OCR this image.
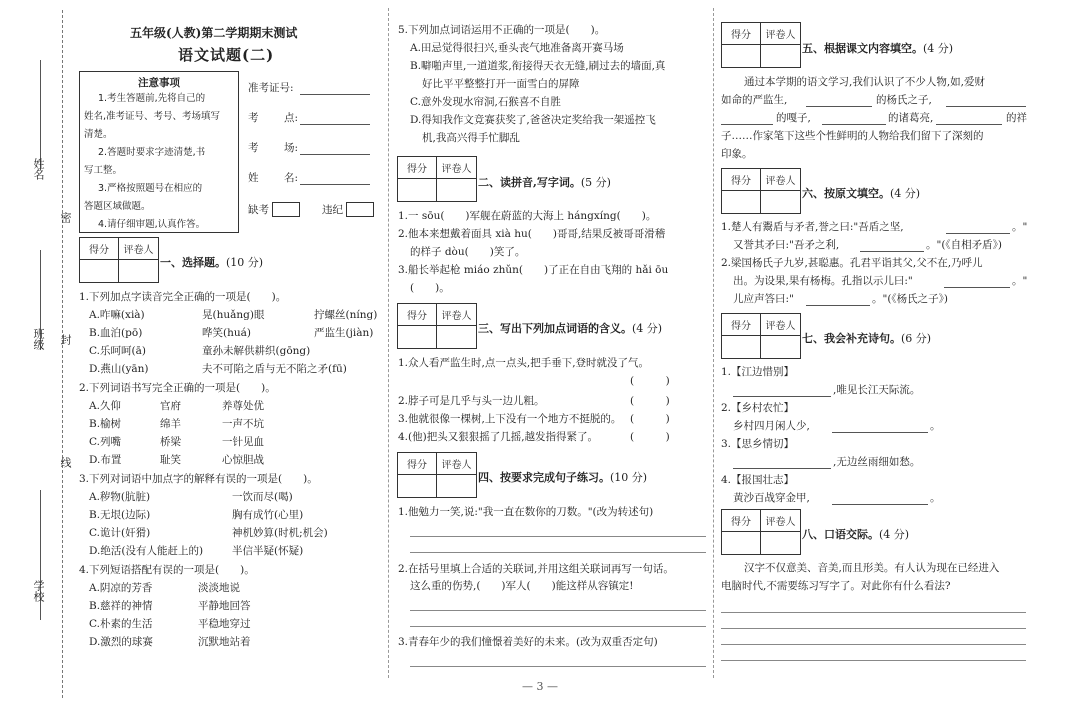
姓名
密
班级 封
线
学校
五年级(人教)第二学期期末测试
语文试题(二)
注意事项
1.考生答题前,先将自己的
姓名,准考证号、考号、考场填写
清楚。
2.答题时要求字迹清楚,书
写工整。
3.严格按照题号在相应的
答题区域做题。
4.请仔细审题,认真作答。
准考证号:
考 点:
考 场:
姓 名:
缺考	违纪
得分	评卷人
一、选择题。(10 分)
1.下列加点字读音完全正确的一项是(　　)。
A.咋嘛(xià)	晃(huǎng)眼	拧螺丝(níng)
B.血泊(pō)	哗笑(huá)	严监生(jiàn)
C.乐呵呵(ā)	童孙未解供耕织(gōng)
D.燕山(yān)	夫不可陷之盾与无不陷之矛(fū)
2.下列词语书写完全正确的一项是(　　)。
A.久仰	官府	养尊处优
B.榆树	绵羊	一声不坑
C.列嘴	桥梁	一针见血
D.布置	耻笑	心惊胆战
3.下列对词语中加点字的解释有误的一项是(　　)。
A.秽物(肮脏)	一饮而尽(喝)
B.无垠(边际)	胸有成竹(心里)
C.诡计(奸猾)	神机妙算(时机;机会)
D.绝活(没有人能赶上的)	半信半疑(怀疑)
4.下列短语搭配有误的一项是(　　)。
A.阴凉的芳香	淡淡地说
B.慈祥的神情	平静地回答
C.朴素的生活	平稳地穿过
D.激烈的球赛	沉默地站着
5.下列加点词语运用不正确的一项是(　　)。
A.田忌觉得很扫兴,垂头丧气地准备离开赛马场
B.噼啪声里,一道道浆,衔接得天衣无缝,刷过去的墙面,真
好比平平整整打开一面雪白的屏障
C.意外发现水帘洞,石猴喜不自胜
D.得知我作文竞赛获奖了,爸爸决定奖给我一架遥控飞
机,我高兴得手忙脚乱
得分	评卷人
二、读拼音,写字词。(5 分)
1.一 sōu(　　)军舰在蔚蓝的大海上 hángxíng(　　)。
2.他本来想戴着面具 xià hu(　　)哥哥,结果反被哥哥滑稽
的样子 dòu(　　)笑了。
3.船长举起枪 miáo zhǔn(　　)了正在自由飞翔的 hǎi ōu
(　　)。
得分	评卷人
三、写出下列加点词语的含义。(4 分)
1.众人看严监生时,点一点头,把手垂下,登时就没了气。
(　　　)
2.脖子可是几乎与头一边儿粗。	(　　　)
3.他就很像一棵树,上下没有一个地方不挺脱的。 (　　　)
4.(他)把头又狠狠摇了几摇,越发指得紧了。	(　　　)
得分	评卷人
四、按要求完成句子练习。(10 分)
1.他勉力一笑,说:"我一直在数你的刀数。"(改为转述句)
2.在括号里填上合适的关联词,并用这组关联词再写一句话。
这么重的伤势,(　　)军人(　　)能这样从容镇定!
3.青春年少的我们憧憬着美好的未来。(改为双重否定句)
得分	评卷人
五、根据课文内容填空。(4 分)
通过本学期的语文学习,我们认识了不少人物,如,爱财
如命的严监生,	的杨氏之子,
的嘎子,	的诸葛亮,	的祥
子……作家笔下这些个性鲜明的人物给我们留下了深刻的
印象。
得分	评卷人
六、按原文填空。(4 分)
1.楚人有鬻盾与矛者,誉之曰:"吾盾之坚,	。"
又誉其矛曰:"吾矛之利,	。"(《自相矛盾》)
2.梁国杨氏子九岁,甚聪惠。孔君平诣其父,父不在,乃呼儿
出。为设果,果有杨梅。孔指以示儿曰:"	。"
儿应声答曰:"	。"(《杨氏之子》)
得分	评卷人
七、我会补充诗句。(6 分)
1.【江边惜别】
,唯见长江天际流。
2.【乡村农忙】
乡村四月闲人少,	。
3.【思乡情切】
,无边丝雨细如愁。
4.【报国壮志】
黄沙百战穿金甲,	。
得分	评卷人
八、口语交际。(4 分)
汉字不仅意美、音美,而且形美。有人认为现在已经进入
电脑时代,不需要练习写字了。对此你有什么看法?
— 3 —
